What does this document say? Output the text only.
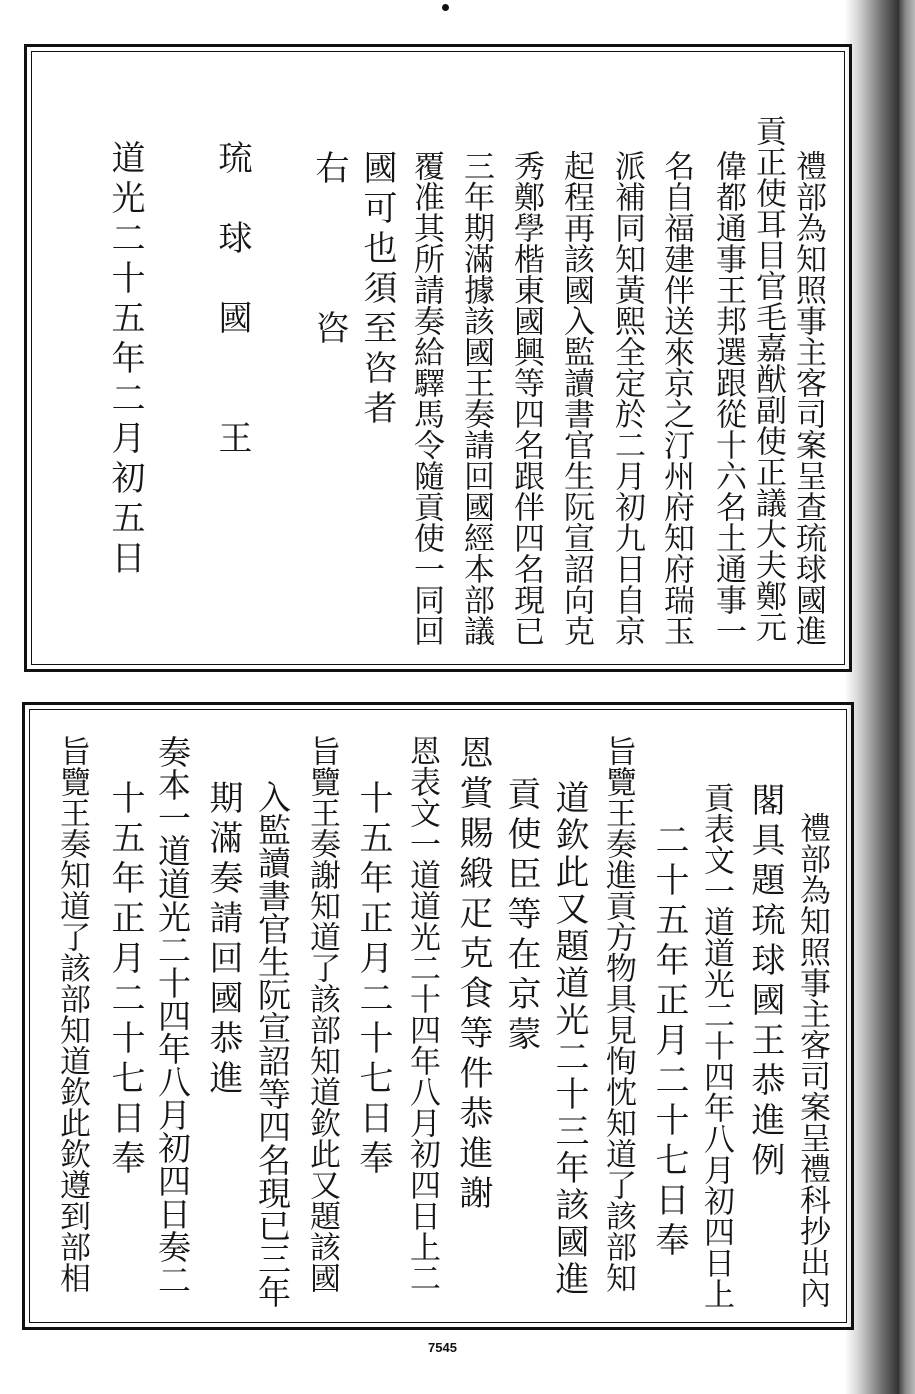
禮部為知照事主客司案呈查琉球國進
貢正使耳目官毛嘉猷副使正議大夫鄭元
偉都通事王邦選跟從十六名土通事一
名自福建伴送來京之汀州府知府瑞玉
派補同知黃熙全定於二月初九日自京
起程再該國入監讀書官生阮宣詔向克
秀鄭學楷東國興等四名跟伴四名現已
三年期滿據該國王奏請回國經本部議
覆准其所請奏給驛馬令隨貢使一同回
國可也須至咨者
右　　　咨
琉　球　國　　王
道光二十五年二月初五日
禮部為知照事主客司案呈禮科抄出內
閣具題琉球國王恭進例
貢表文一道道光二十四年八月初四日上
二十五年正月二十七日奉
旨覽王奏進貢方物具見恂忱知道了該部知
道欽此又題道光二十三年該國進
貢使臣等在京蒙
恩賞賜緞疋克食等件恭進謝
恩表文一道道光二十四年八月初四日上二
十五年正月二十七日奉
旨覽王奏謝知道了該部知道欽此又題該國
入監讀書官生阮宣詔等四名現已三年
期滿奏請回國恭進
奏本一道道光二十四年八月初四日奏二
十五年正月二十七日奉
旨覽王奏知道了該部知道欽此欽遵到部相
7545
